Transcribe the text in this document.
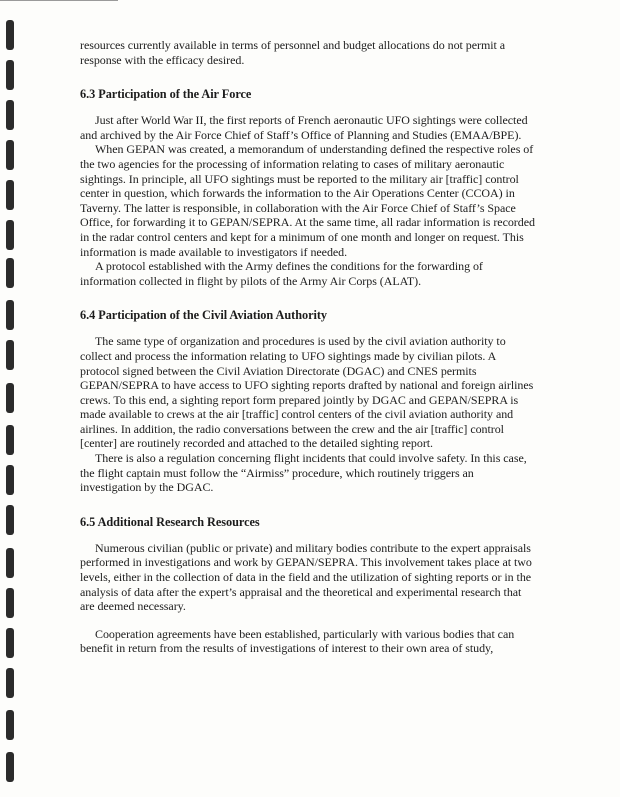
resources currently available in terms of personnel and budget allocations do not permit a response with the efficacy desired.

6.3 Participation of the Air Force

Just after World War II, the first reports of French aeronautic UFO sightings were collected and archived by the Air Force Chief of Staff’s Office of Planning and Studies (EMAA/BPE).

When GEPAN was created, a memorandum of understanding defined the respective roles of the two agencies for the processing of information relating to cases of military aeronautic sightings. In principle, all UFO sightings must be reported to the military air [traffic] control center in question, which forwards the information to the Air Operations Center (CCOA) in Taverny. The latter is responsible, in collaboration with the Air Force Chief of Staff’s Space Office, for forwarding it to GEPAN/SEPRA. At the same time, all radar information is recorded in the radar control centers and kept for a minimum of one month and longer on request. This information is made available to investigators if needed.

A protocol established with the Army defines the conditions for the forwarding of information collected in flight by pilots of the Army Air Corps (ALAT).

6.4 Participation of the Civil Aviation Authority

The same type of organization and procedures is used by the civil aviation authority to collect and process the information relating to UFO sightings made by civilian pilots. A protocol signed between the Civil Aviation Directorate (DGAC) and CNES permits GEPAN/SEPRA to have access to UFO sighting reports drafted by national and foreign airlines crews. To this end, a sighting report form prepared jointly by DGAC and GEPAN/SEPRA is made available to crews at the air [traffic] control centers of the civil aviation authority and airlines. In addition, the radio conversations between the crew and the air [traffic] control [center] are routinely recorded and attached to the detailed sighting report.

There is also a regulation concerning flight incidents that could involve safety. In this case, the flight captain must follow the “Airmiss” procedure, which routinely triggers an investigation by the DGAC.

6.5 Additional Research Resources

Numerous civilian (public or private) and military bodies contribute to the expert appraisals performed in investigations and work by GEPAN/SEPRA. This involvement takes place at two levels, either in the collection of data in the field and the utilization of sighting reports or in the

analysis of data after the expert’s appraisal and the theoretical and experimental research that are deemed necessary.

Cooperation agreements have been established, particularly with various bodies that can benefit in return from the results of investigations of interest to their own area of study,
